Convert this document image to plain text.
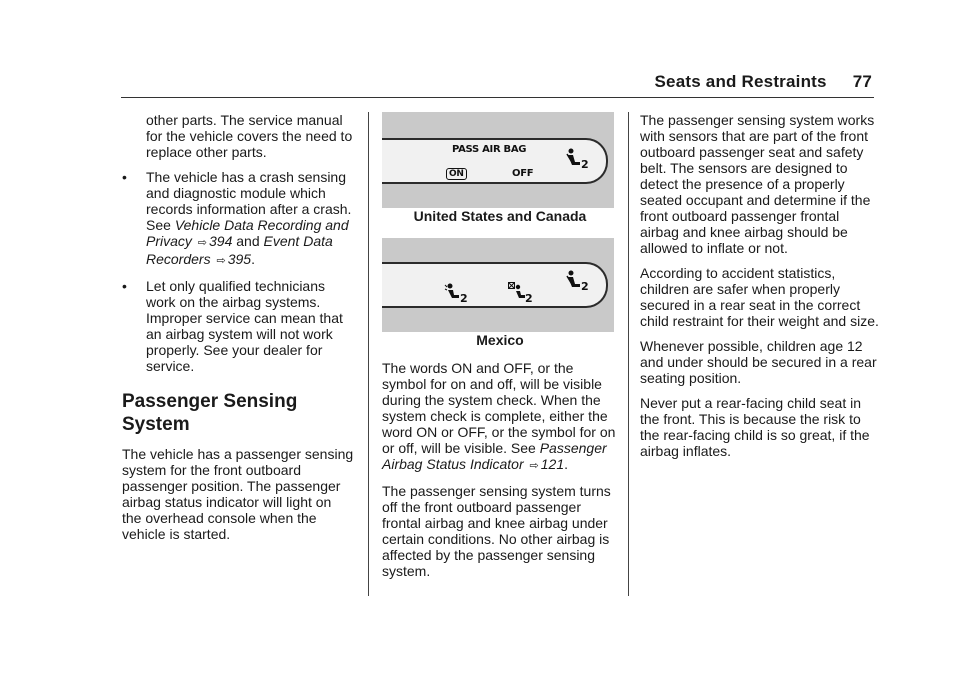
Seats and Restraints 77

other parts. The service manual for the vehicle covers the need to replace other parts.

•	The vehicle has a crash sensing and diagnostic module which records information after a crash. See Vehicle Data Recording and Privacy ⇨ 394 and Event Data Recorders ⇨ 395.
•	Let only qualified technicians work on the airbag systems. Improper service can mean that an airbag system will not work properly. See your dealer for service.
Passenger Sensing System

The vehicle has a passenger sensing system for the front outboard passenger position. The passenger airbag status indicator will light on the overhead console when the vehicle is started.

PASS AIR BAG
ON	OFF
2

United States and Canada

2	2
2

Mexico

The words ON and OFF, or the symbol for on and off, will be visible during the system check. When the system check is complete, either the word ON or OFF, or the symbol for on or off, will be visible. See Passenger Airbag Status Indicator ⇨ 121.

The passenger sensing system turns off the front outboard passenger frontal airbag and knee airbag under certain conditions. No other airbag is affected by the passenger sensing system.

The passenger sensing system works with sensors that are part of the front outboard passenger seat and safety belt. The sensors are designed to detect the presence of a properly seated occupant and determine if the front outboard passenger frontal airbag and knee airbag should be allowed to inflate or not.

According to accident statistics, children are safer when properly secured in a rear seat in the correct child restraint for their weight and size.

Whenever possible, children age 12 and under should be secured in a rear seating position.

Never put a rear-facing child seat in the front. This is because the risk to the rear-facing child is so great, if the airbag inflates.
